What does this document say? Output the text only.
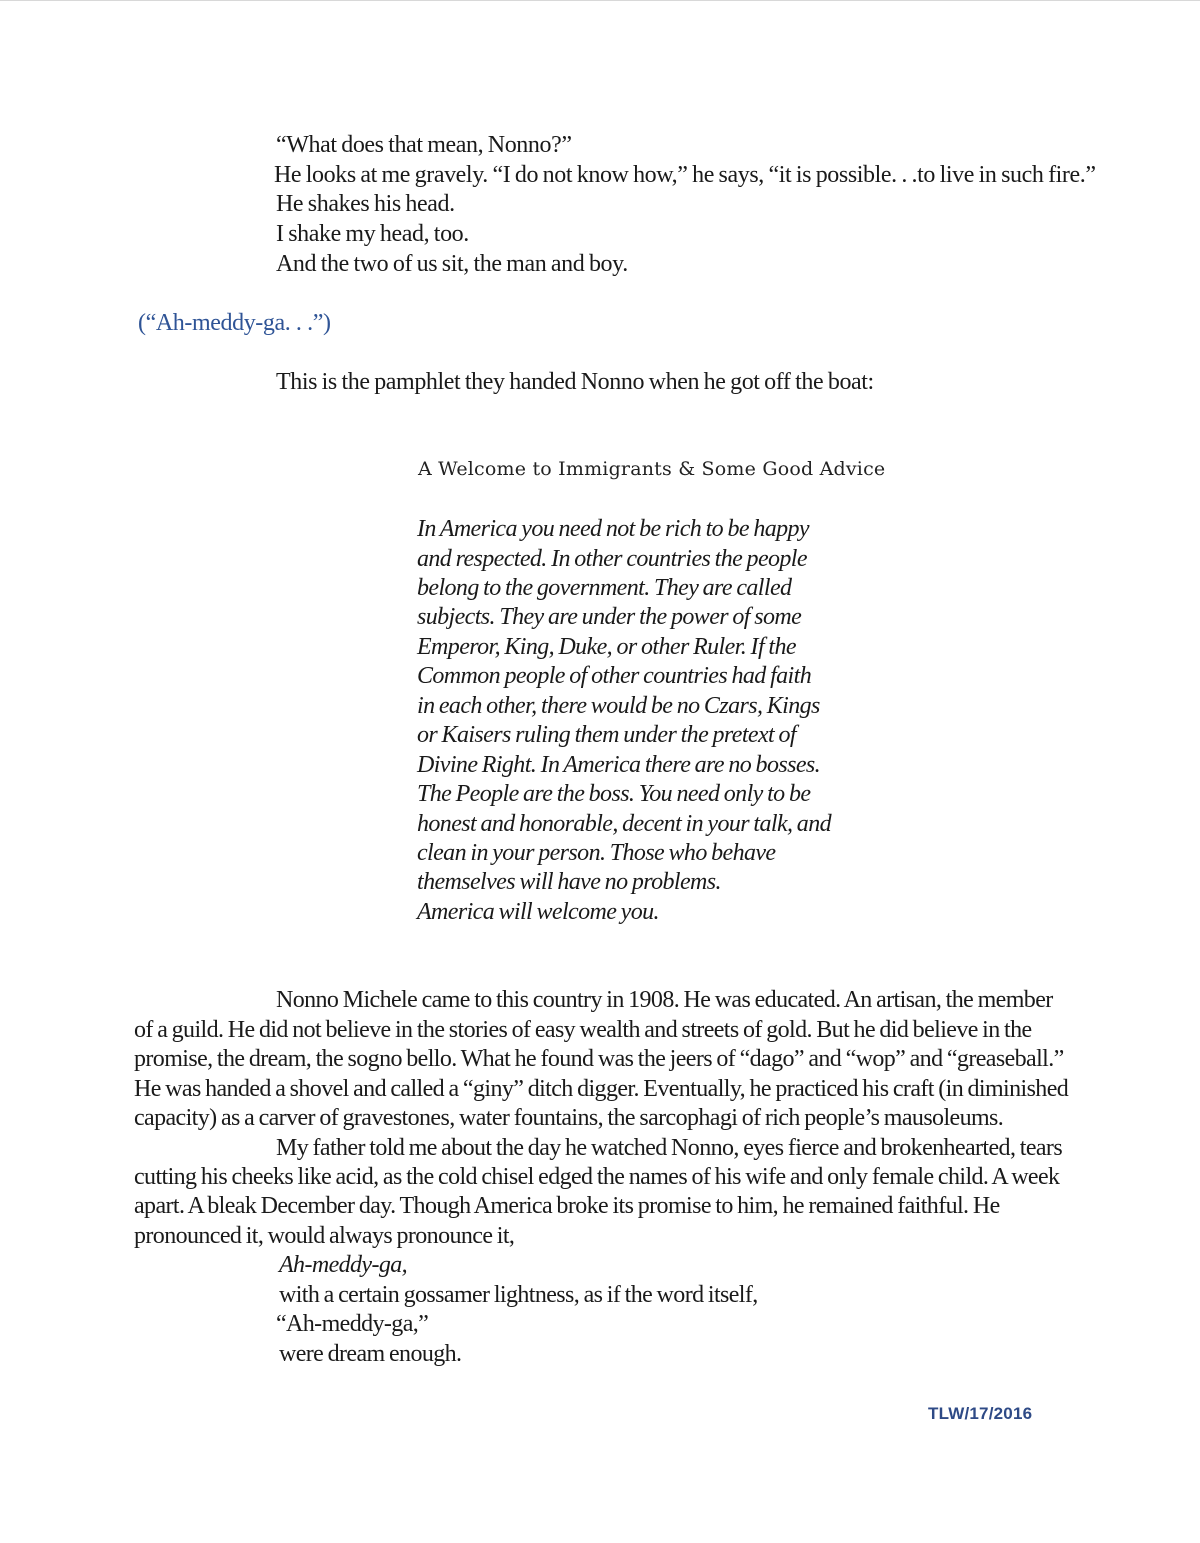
“What does that mean, Nonno?”
He looks at me gravely. “I do not know how,” he says, “it is possible. . .to live in such fire.”
He shakes his head.
I shake my head, too.
And the two of us sit, the man and boy.
(“Ah-meddy-ga. . .”)
This is the pamphlet they handed Nonno when he got off the boat:
A Welcome to Immigrants & Some Good Advice
In America you need not be rich to be happy
and respected. In other countries the people
belong to the government. They are called
subjects. They are under the power of some
Emperor, King, Duke, or other Ruler. If the
Common people of other countries had faith
in each other, there would be no Czars, Kings
or Kaisers ruling them under the pretext of
Divine Right. In America there are no bosses.
The People are the boss. You need only to be
honest and honorable, decent in your talk, and
clean in your person. Those who behave
themselves will have no problems.
America will welcome you.
Nonno Michele came to this country in 1908. He was educated. An artisan, the member
of a guild. He did not believe in the stories of easy wealth and streets of gold. But he did believe in the
promise, the dream, the sogno bello. What he found was the jeers of “dago” and “wop” and “greaseball.”
He was handed a shovel and called a “giny” ditch digger. Eventually, he practiced his craft (in diminished
capacity) as a carver of gravestones, water fountains, the sarcophagi of rich people’s mausoleums.
My father told me about the day he watched Nonno, eyes fierce and brokenhearted, tears
cutting his cheeks like acid, as the cold chisel edged the names of his wife and only female child. A week
apart. A bleak December day. Though America broke its promise to him, he remained faithful. He
pronounced it, would always pronounce it,
Ah-meddy-ga,
with a certain gossamer lightness, as if the word itself,
“Ah-meddy-ga,”
were dream enough.
TLW/17/2016
